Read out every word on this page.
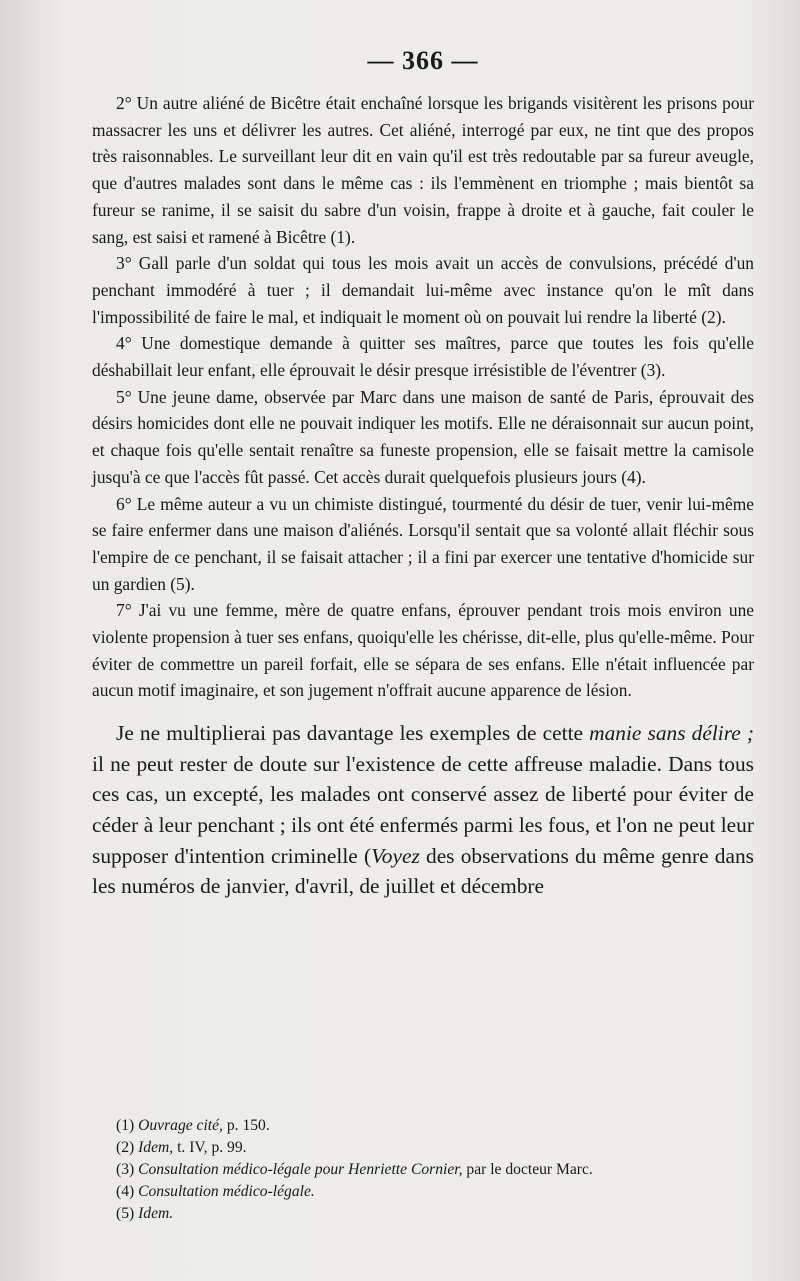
— 366 —

2° Un autre aliéné de Bicêtre était enchaîné lorsque les brigands visitèrent les prisons pour massacrer les uns et délivrer les autres. Cet aliéné, interrogé par eux, ne tint que des propos très raisonnables. Le surveillant leur dit en vain qu'il est très redoutable par sa fureur aveugle, que d'autres malades sont dans le même cas : ils l'emmènent en triomphe ; mais bientôt sa fureur se ranime, il se saisit du sabre d'un voisin, frappe à droite et à gauche, fait couler le sang, est saisi et ramené à Bicêtre (1).

3° Gall parle d'un soldat qui tous les mois avait un accès de convulsions, précédé d'un penchant immodéré à tuer ; il demandait lui-même avec instance qu'on le mît dans l'impossibilité de faire le mal, et indiquait le moment où on pouvait lui rendre la liberté (2).

4° Une domestique demande à quitter ses maîtres, parce que toutes les fois qu'elle déshabillait leur enfant, elle éprouvait le désir presque irrésistible de l'éventrer (3).

5° Une jeune dame, observée par Marc dans une maison de santé de Paris, éprouvait des désirs homicides dont elle ne pouvait indiquer les motifs. Elle ne déraisonnait sur aucun point, et chaque fois qu'elle sentait renaître sa funeste propension, elle se faisait mettre la camisole jusqu'à ce que l'accès fût passé. Cet accès durait quelquefois plusieurs jours (4).

6° Le même auteur a vu un chimiste distingué, tourmenté du désir de tuer, venir lui-même se faire enfermer dans une maison d'aliénés. Lorsqu'il sentait que sa volonté allait fléchir sous l'empire de ce penchant, il se faisait attacher ; il a fini par exercer une tentative d'homicide sur un gardien (5).

7° J'ai vu une femme, mère de quatre enfans, éprouver pendant trois mois environ une violente propension à tuer ses enfans, quoiqu'elle les chérisse, dit-elle, plus qu'elle-même. Pour éviter de commettre un pareil forfait, elle se sépara de ses enfans. Elle n'était influencée par aucun motif imaginaire, et son jugement n'offrait aucune apparence de lésion.

Je ne multiplierai pas davantage les exemples de cette manie sans délire ; il ne peut rester de doute sur l'existence de cette affreuse maladie. Dans tous ces cas, un excepté, les malades ont conservé assez de liberté pour éviter de céder à leur penchant ; ils ont été enfermés parmi les fous, et l'on ne peut leur supposer d'intention criminelle (Voyez des observations du même genre dans les numéros de janvier, d'avril, de juillet et décembre

(1) Ouvrage cité, p. 150.

(2) Idem, t. IV, p. 99.

(3) Consultation médico-légale pour Henriette Cornier, par le docteur Marc.

(4) Consultation médico-légale.

(5) Idem.
